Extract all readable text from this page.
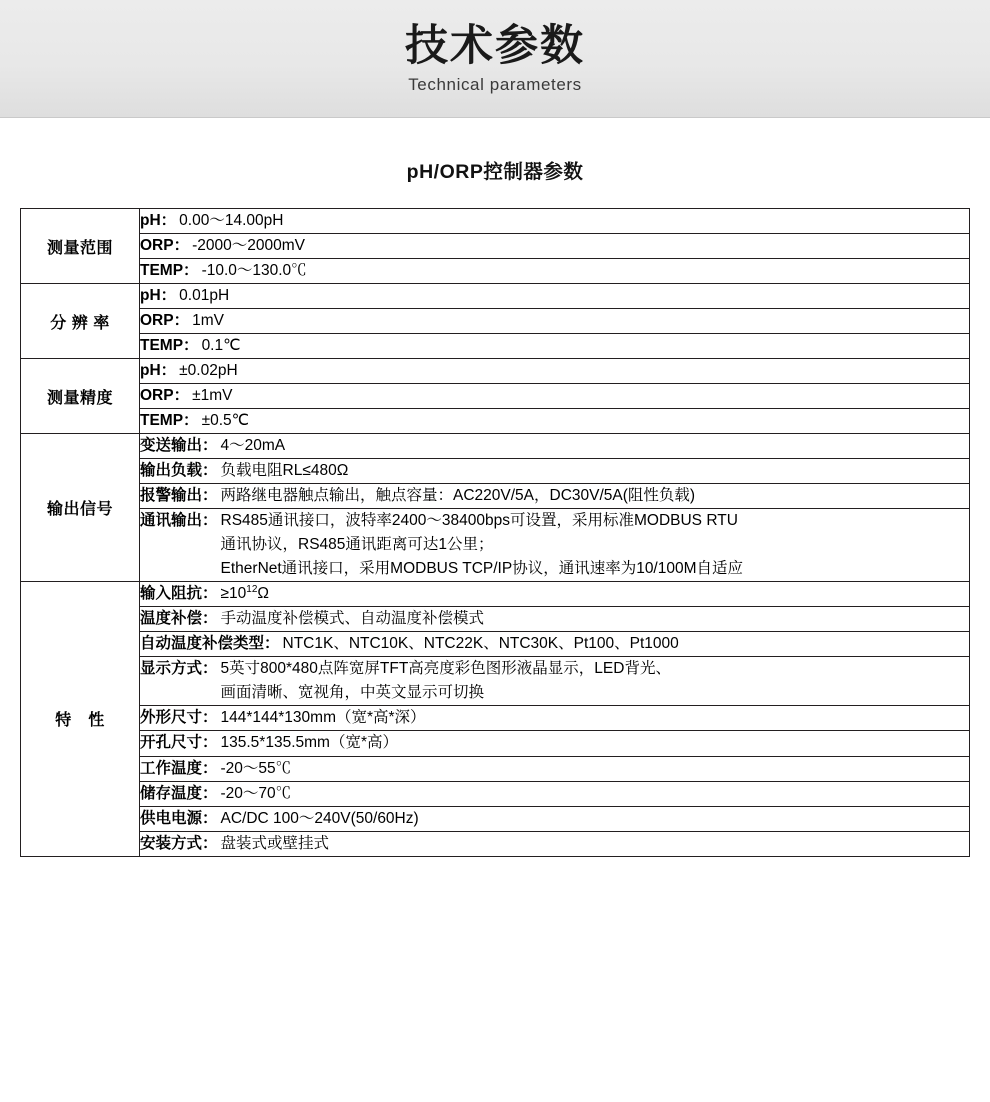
技术参数
Technical parameters
pH/ORP控制器参数
测量范围	pH： 0.00～14.00pH

	ORP： -2000～2000mV

	TEMP： -10.0～130.0℃

分 辨 率	pH： 0.01pH

	ORP： 1mV

	TEMP： 0.1℃

测量精度	pH： ±0.02pH

	ORP： ±1mV

	TEMP： ±0.5℃

输出信号	变送输出： 4～20mA

	输出负载： 负载电阻RL≤480Ω

	报警输出： 两路继电器触点输出，触点容量：AC220V/5A，DC30V/5A(阻性负载)

	通讯输出： RS485通讯接口，波特率2400～38400bps可设置，采用标准MODBUS RTU
通讯协议，RS485通讯距离可达1公里；
EtherNet通讯接口，采用MODBUS TCP/IP协议，通讯速率为10/100M自适应

特　性	输入阻抗： $\ge 10^{12}\Omega$

	温度补偿： 手动温度补偿模式、自动温度补偿模式

	自动温度补偿类型： NTC1K、NTC10K、NTC22K、NTC30K、Pt100、Pt1000

	显示方式： 5英寸800*480点阵宽屏TFT高亮度彩色图形液晶显示，LED背光、
画面清晰、宽视角，中英文显示可切换

	外形尺寸： 144*144*130mm（宽*高*深）

	开孔尺寸： 135.5*135.5mm（宽*高）

	工作温度： -20～55℃

	储存温度： -20～70℃

	供电电源： AC/DC 100～240V(50/60Hz)

	安装方式： 盘装式或壁挂式
